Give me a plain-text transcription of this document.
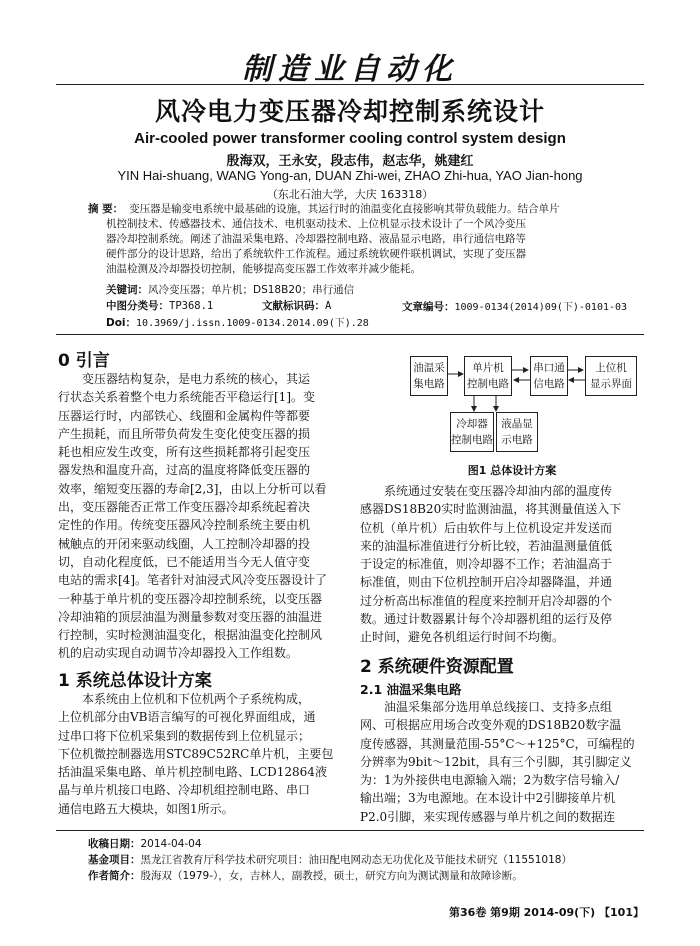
制造业自动化
风冷电力变压器冷却控制系统设计
Air-cooled power transformer cooling control system design
殷海双，王永安，段志伟，赵志华，姚建红
YIN Hai-shuang, WANG Yong-an, DUAN Zhi-wei, ZHAO Zhi-hua, YAO Jian-hong
（东北石油大学，大庆 163318）
摘 要： 变压器是输变电系统中最基础的设施，其运行时的油温变化直接影响其带负载能力。结合单片
机控制技术、传感器技术、通信技术、电机驱动技术、上位机显示技术设计了一个风冷变压
器冷却控制系统。阐述了油温采集电路、冷却器控制电路、液晶显示电路，串行通信电路等
硬件部分的设计思路，给出了系统软件工作流程。通过系统软硬件联机调试，实现了变压器
油温检测及冷却器投切控制，能够提高变压器工作效率并减少能耗。
关键词：风冷变压器；单片机；DS18B20；串行通信
中图分类号：TP368.1	文献标识码：A	文章编号：1009-0134(2014)09(下)-0101-03
Doi：10.3969/j.issn.1009-0134.2014.09(下).28
0 引言
变压器结构复杂，是电力系统的核心，其运
行状态关系着整个电力系统能否平稳运行[1]。变
压器运行时，内部铁心、线圈和金属构件等都要
产生损耗，而且所带负荷发生变化使变压器的损
耗也相应发生改变，所有这些损耗都将引起变压
器发热和温度升高，过高的温度将降低变压器的
效率，缩短变压器的寿命[2,3]，由以上分析可以看
出，变压器能否正常工作变压器冷却系统起着决
定性的作用。传统变压器风冷控制系统主要由机
械触点的开闭来驱动线圈，人工控制冷却器的投
切，自动化程度低，已不能适用当今无人值守变
电站的需求[4]。笔者针对油浸式风冷变压器设计了
一种基于单片机的变压器冷却控制系统，以变压器
冷却油箱的顶层油温为测量参数对变压器的油温进
行控制，实时检测油温变化，根据油温变化控制风
机的启动实现自动调节冷却器投入工作组数。
1 系统总体设计方案
本系统由上位机和下位机两个子系统构成，
上位机部分由VB语言编写的可视化界面组成，通
过串口将下位机采集到的数据传到上位机显示；
下位机微控制器选用STC89C52RC单片机，主要包
括油温采集电路、单片机控制电路、LCD12864液
晶与单片机接口电路、冷却机组控制电路、串口
通信电路五大模块，如图1所示。
油温采
集电路
单片机
控制电路
串口通
信电路
上位机
显示界面
冷却器
控制电路
液晶显
示电路
图1 总体设计方案
系统通过安装在变压器冷却油内部的温度传
感器DS18B20实时监测油温，将其测量值送入下
位机（单片机）后由软件与上位机设定并发送而
来的油温标准值进行分析比较，若油温测量值低
于设定的标准值，则冷却器不工作；若油温高于
标准值，则由下位机控制开启冷却器降温，并通
过分析高出标准值的程度来控制开启冷却器的个
数。通过计数器累计每个冷却器机组的运行及停
止时间，避免各机组运行时间不均衡。
2 系统硬件资源配置
2.1 油温采集电路
油温采集部分选用单总线接口、支持多点组
网、可根据应用场合改变外观的DS18B20数字温
度传感器，其测量范围-55°C～+125°C，可编程的
分辨率为9bit～12bit，具有三个引脚，其引脚定义
为：1为外接供电电源输入端；2为数字信号输入/
输出端；3为电源地。在本设计中2引脚接单片机
P2.0引脚，来实现传感器与单片机之间的数据连
收稿日期：2014-04-04
基金项目：黑龙江省教育厅科学技术研究项目：油田配电网动态无功优化及节能技术研究（11551018）
作者简介：殷海双（1979-），女，吉林人，副教授，硕士，研究方向为测试测量和故障诊断。
第36卷 第9期 2014-09(下) 【101】
